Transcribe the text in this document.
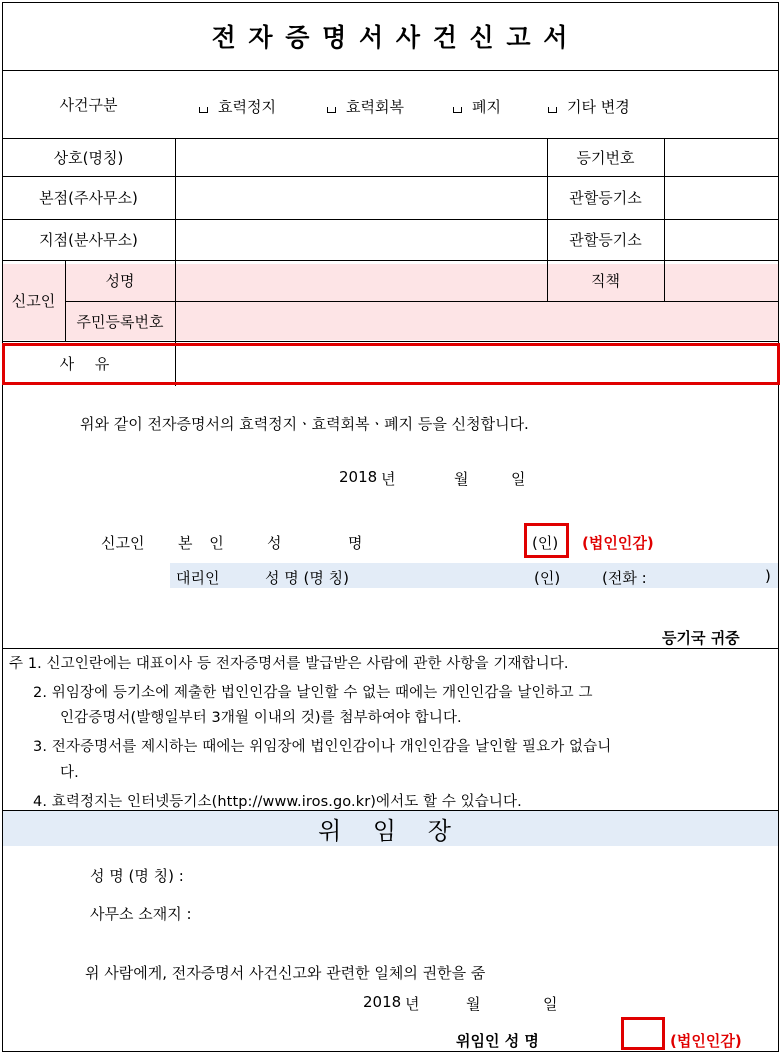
전 자 증 명 서 사 건 신 고 서
사건구분	효력정지	효력회복	폐지	기타 변경
상호(명칭)	등기번호
본점(주사무소)	관할등기소
지점(분사무소)	관할등기소
신고인
성명	직책
주민등록번호
사 유
위와 같이 전자증명서의 효력정지ㆍ효력회복ㆍ폐지 등을 신청합니다.
2018 년	월	일
신고인 본 인 성	명	(인) (법인인감)
대리인	성 명 (명 칭)	(인)	(전화 :	)
등기국 귀중
주 1. 신고인란에는 대표이사 등 전자증명서를 발급받은 사람에 관한 사항을 기재합니다.
2. 위임장에 등기소에 제출한 법인인감을 날인할 수 없는 때에는 개인인감을 날인하고 그
인감증명서(발행일부터 3개월 이내의 것)를 첨부하여야 합니다.
3. 전자증명서를 제시하는 때에는 위임장에 법인인감이나 개인인감을 날인할 필요가 없습니
다.
4. 효력정지는 인터넷등기소(http://www.iros.go.kr)에서도 할 수 있습니다.
위 임 장
성 명 (명 칭) :
사무소 소재지 :
위 사람에게, 전자증명서 사건신고와 관련한 일체의 권한을 줌
2018 년	월	일
위임인 성 명	(법인인감)
